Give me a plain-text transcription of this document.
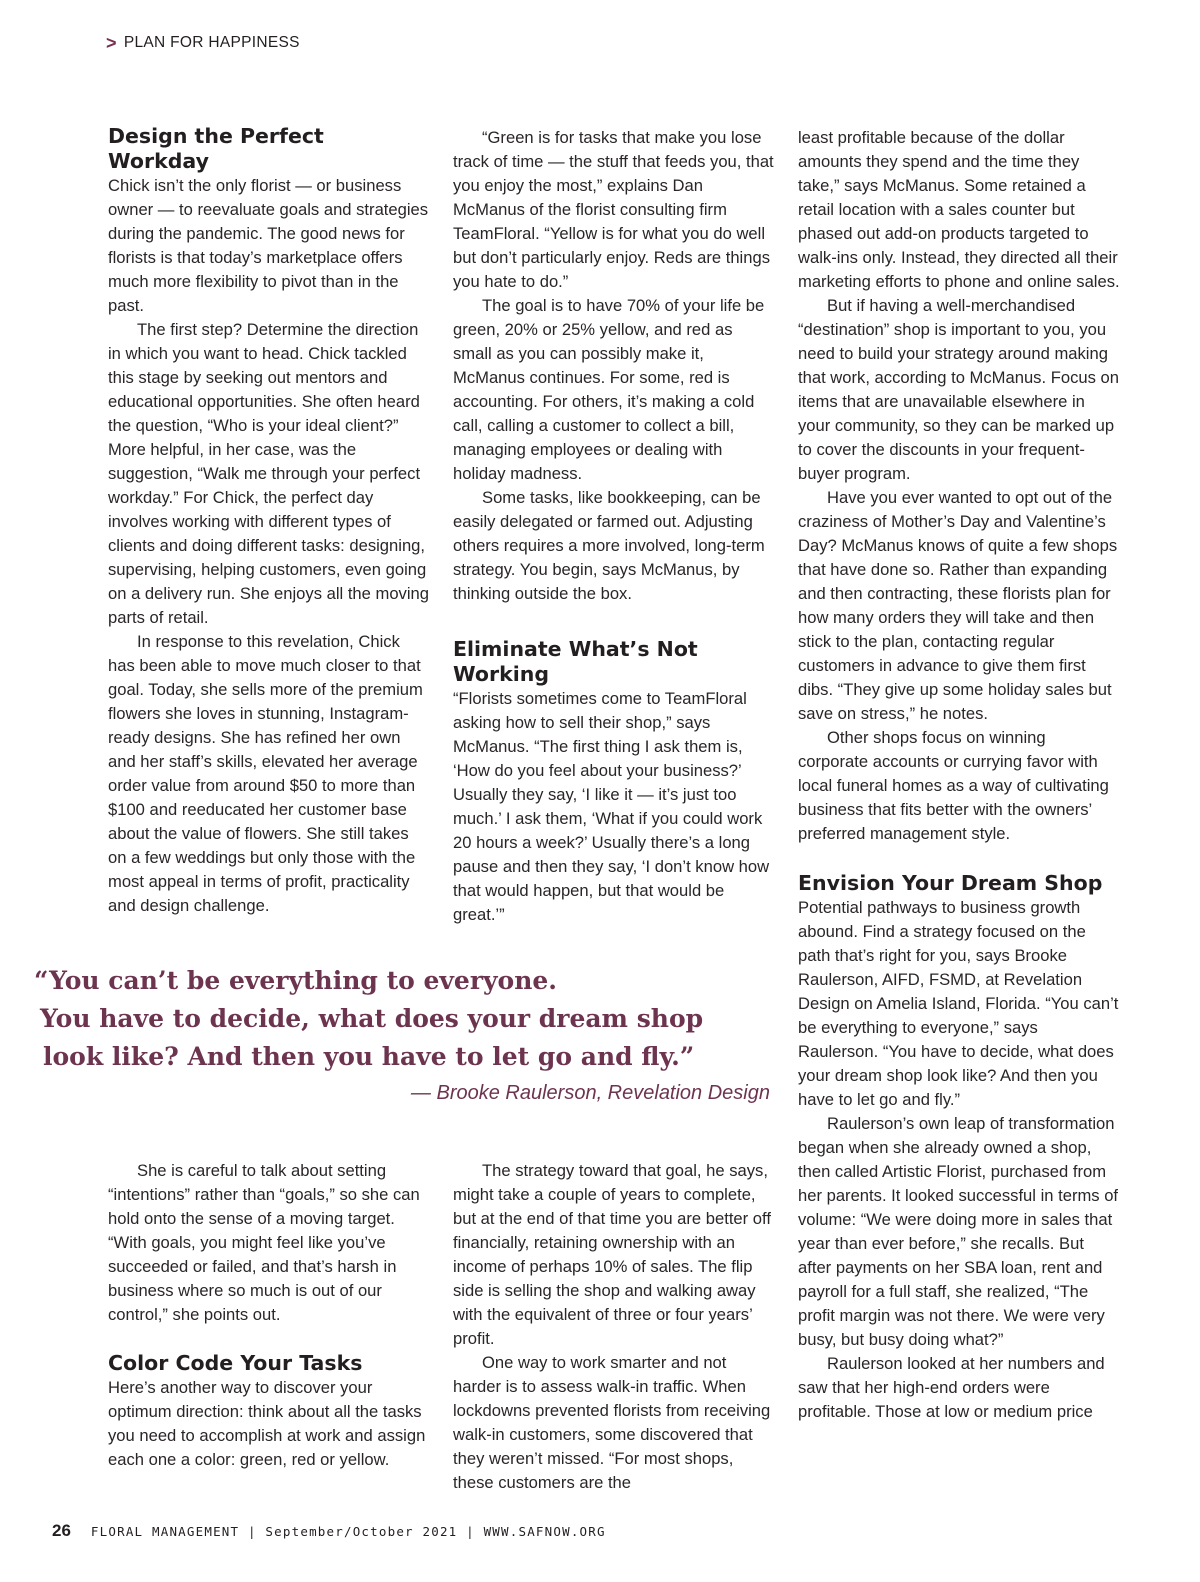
> PLAN FOR HAPPINESS
Design the Perfect Workday

Chick isn’t the only florist — or business owner — to reevaluate goals and strategies during the pandemic. The good news for florists is that today’s marketplace offers much more flexibility to pivot than in the past.

The first step? Determine the direction in which you want to head. Chick tackled this stage by seeking out mentors and educational opportunities. She often heard the question, “Who is your ideal client?” More helpful, in her case, was the suggestion, “Walk me through your perfect workday.” For Chick, the perfect day involves working with different types of clients and doing different tasks: designing, supervising, helping customers, even going on a delivery run. She enjoys all the moving parts of retail.

In response to this revelation, Chick has been able to move much closer to that goal. Today, she sells more of the premium flowers she loves in stunning, Instagram-ready designs. She has refined her own and her staff’s skills, elevated her average order value from around $50 to more than $100 and reeducated her customer base about the value of flowers. She still takes on a few weddings but only those with the most appeal in terms of profit, practicality and design challenge.

“Green is for tasks that make you lose track of time — the stuff that feeds you, that you enjoy the most,” explains Dan McManus of the florist consulting firm TeamFloral. “Yellow is for what you do well but don’t particularly enjoy. Reds are things you hate to do.”

The goal is to have 70% of your life be green, 20% or 25% yellow, and red as small as you can possibly make it, McManus continues. For some, red is accounting. For others, it’s making a cold call, calling a customer to collect a bill, managing employees or dealing with holiday madness.

Some tasks, like bookkeeping, can be easily delegated or farmed out. Adjusting others requires a more involved, long-term strategy. You begin, says McManus, by thinking outside the box.

Eliminate What’s Not Working

“Florists sometimes come to TeamFloral asking how to sell their shop,” says McManus. “The first thing I ask them is, ‘How do you feel about your business?’ Usually they say, ‘I like it — it’s just too much.’ I ask them, ‘What if you could work 20 hours a week?’ Usually there’s a long pause and then they say, ‘I don’t know how that would happen, but that would be great.’”

least profitable because of the dollar amounts they spend and the time they take,” says McManus. Some retained a retail location with a sales counter but phased out add-on products targeted to walk-ins only. Instead, they directed all their marketing efforts to phone and online sales.

But if having a well-merchandised “destination” shop is important to you, you need to build your strategy around making that work, according to McManus. Focus on items that are unavailable elsewhere in your community, so they can be marked up to cover the discounts in your frequent-buyer program.

Have you ever wanted to opt out of the craziness of Mother’s Day and Valentine’s Day? McManus knows of quite a few shops that have done so. Rather than expanding and then contracting, these florists plan for how many orders they will take and then stick to the plan, contacting regular customers in advance to give them first dibs. “They give up some holiday sales but save on stress,” he notes.

Other shops focus on winning corporate accounts or currying favor with local funeral homes as a way of cultivating business that fits better with the owners’ preferred management style.

Envision Your Dream Shop

Potential pathways to business growth abound. Find a strategy focused on the path that’s right for you, says Brooke Raulerson, AIFD, FSMD, at Revelation Design on Amelia Island, Florida. “You can’t be everything to everyone,” says Raulerson. “You have to decide, what does your dream shop look like? And then you have to let go and fly.”

Raulerson’s own leap of transformation began when she already owned a shop, then called Artistic Florist, purchased from her parents. It looked successful in terms of volume: “We were doing more in sales that year than ever before,” she recalls. But after payments on her SBA loan, rent and payroll for a full staff, she realized, “The profit margin was not there. We were very busy, but busy doing what?”

Raulerson looked at her numbers and saw that her high-end orders were profitable. Those at low or medium price

“You can’t be everything to everyone.
You have to decide, what does your dream shop
look like? And then you have to let go and fly.”

— Brooke Raulerson, Revelation Design

She is careful to talk about setting “intentions” rather than “goals,” so she can hold onto the sense of a moving target. “With goals, you might feel like you’ve succeeded or failed, and that’s harsh in business where so much is out of our control,” she points out.

Color Code Your Tasks

Here’s another way to discover your optimum direction: think about all the tasks you need to accomplish at work and assign each one a color: green, red or yellow.

The strategy toward that goal, he says, might take a couple of years to complete, but at the end of that time you are better off financially, retaining ownership with an income of perhaps 10% of sales. The flip side is selling the shop and walking away with the equivalent of three or four years’ profit.

One way to work smarter and not harder is to assess walk-in traffic. When lockdowns prevented florists from receiving walk-in customers, some discovered that they weren’t missed. “For most shops, these customers are the

26 FLORAL MANAGEMENT | September/October 2021 | WWW.SAFNOW.ORG
